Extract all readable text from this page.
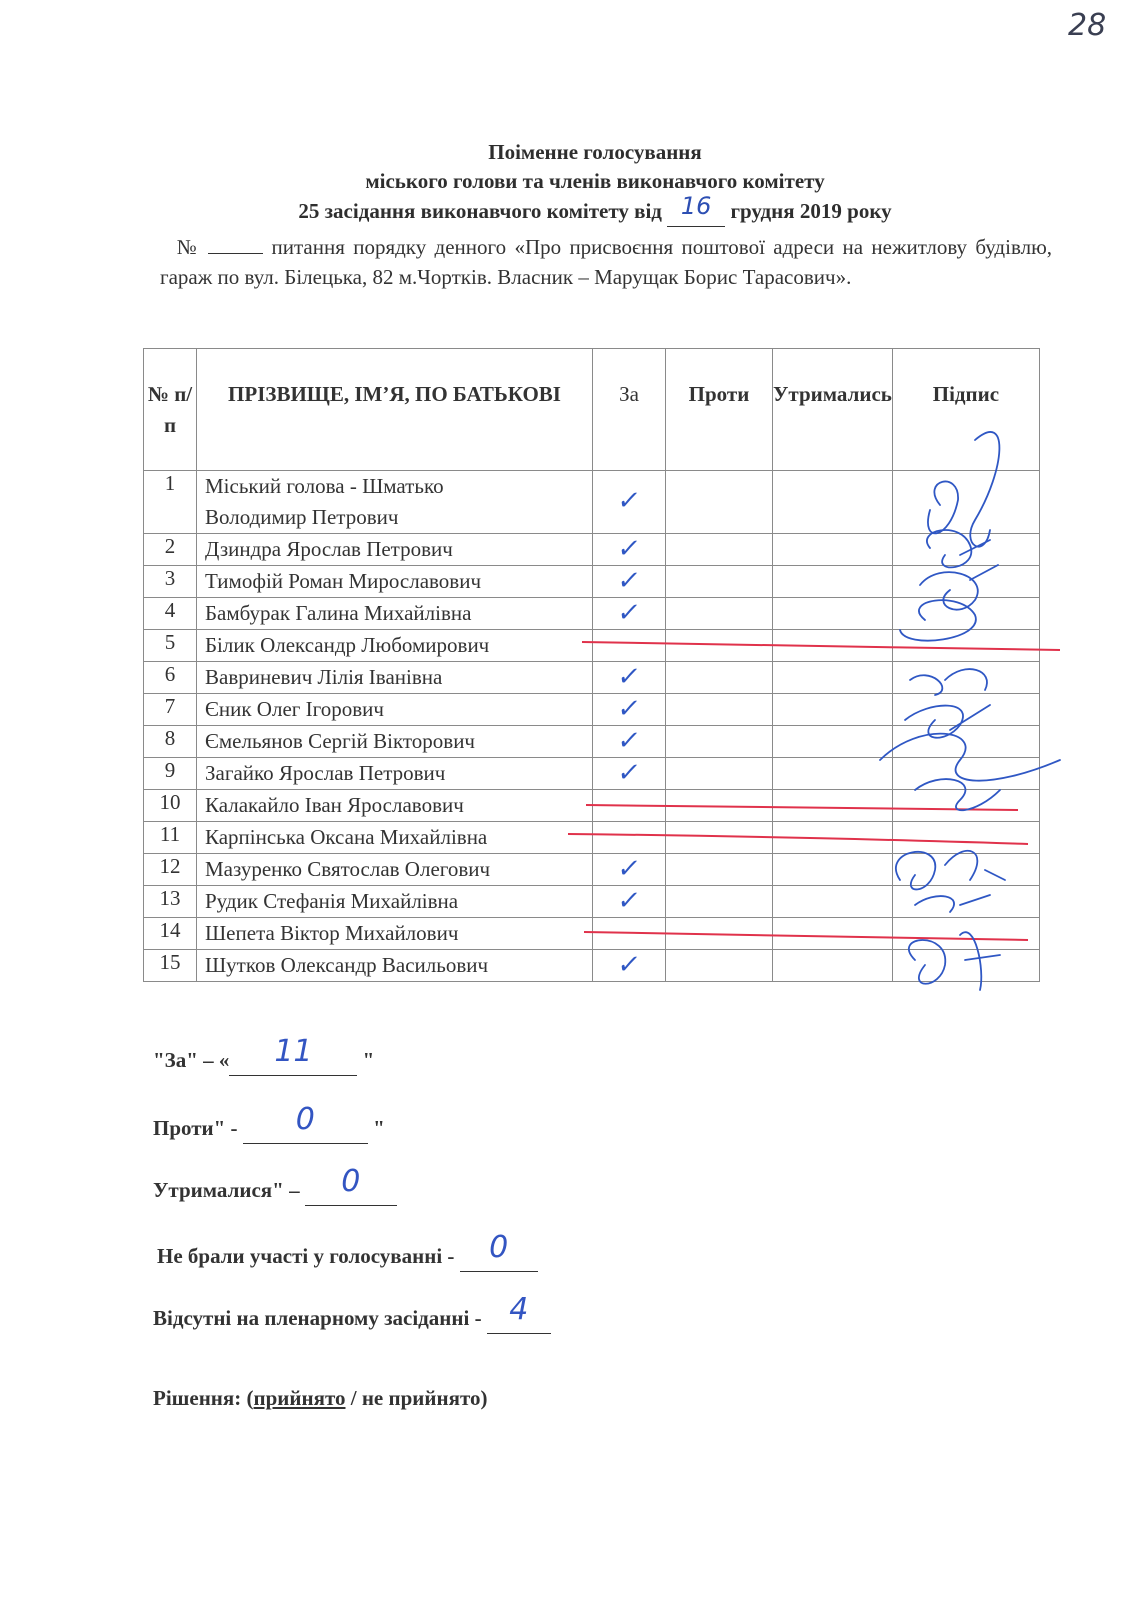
28
Поіменне голосування
міського голови та членів виконавчого комітету
25 засідання виконавчого комітету від 16 грудня 2019 року
№	питання порядку денного «Про присвоєння поштової адреси на нежитлову будівлю, гараж по вул. Білецька, 82 м.Чортків. Власник – Марущак Борис Тарасович».
№ п/п	ПРІЗВИЩЕ, ІМ’Я, ПО БАТЬКОВІ	За	Проти	Утримались	Підпис
1	Міський голова - Шматько
Володимир Петрович	✓			
2	Дзиндра Ярослав Петрович	✓			
3	Тимофій Роман Мирославович	✓			
4	Бамбурак Галина Михайлівна	✓			
5	Білик Олександр Любомирович				
6	Вавриневич Лілія Іванівна	✓			
7	Єник Олег Ігорович	✓			
8	Ємельянов Сергій Вікторович	✓			
9	Загайко Ярослав Петрович	✓			
10	Калакайло Іван Ярославович				
11	Карпінська Оксана Михайлівна				
12	Мазуренко Святослав Олегович	✓			
13	Рудик Стефанія Михайлівна	✓			
14	Шепета Віктор Михайлович				
15	Шутков Олександр Васильович	✓			
"За" – « 11 "
Проти" - 0	"
Утрималися" – 0
Не брали участі у голосуванні - 0
Відсутні на пленарному засіданні - 4
Рішення: (прийнято / не прийнято)
